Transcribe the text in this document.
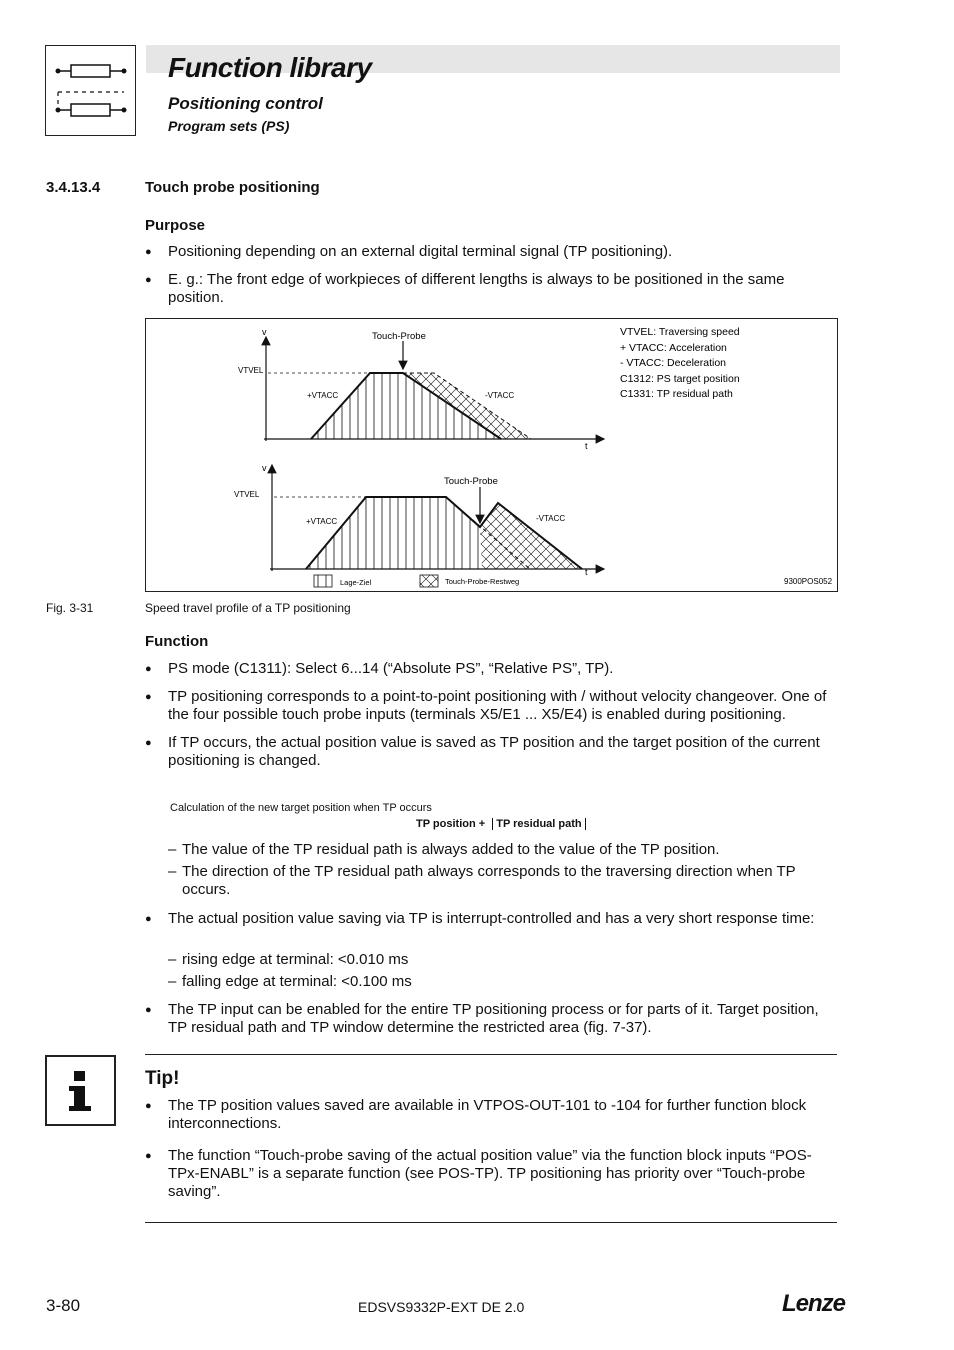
Function library
Positioning control
Program sets (PS)
3.4.13.4	Touch probe positioning
Purpose
● Positioning depending on an external digital terminal signal (TP positioning).
● E. g.: The front edge of workpieces of different lengths is always to be positioned in the same position.
v
VTVEL
Touch-Probe
+VTACC	-VTACC
t
v
VTVEL
Touch-Probe
+VTACC	-VTACC
t
VTVEL: Traversing speed
+ VTACC: Acceleration
- VTACC: Deceleration
C1312: PS target position
C1331: TP residual path
Lage-Ziel	Touch-Probe-Restweg	9300POS052
Fig. 3-31	Speed travel profile of a TP positioning
Function
● PS mode (C1311): Select 6...14 (“Absolute PS”, “Relative PS”, TP).
● TP positioning corresponds to a point-to-point positioning with / without velocity changeover. One of the four possible touch probe inputs (terminals X5/E1 ... X5/E4) is enabled during positioning.
● If TP occurs, the actual position value is saved as TP position and the target position of the current positioning is changed.
Calculation of the new target position when TP occurs
TP position + TP residual path
– The value of the TP residual path is always added to the value of the TP position.
– The direction of the TP residual path always corresponds to the traversing direction when TP occurs.
● The actual position value saving via TP is interrupt-controlled and has a very short response time:
– rising edge at terminal: <0.010 ms
– falling edge at terminal: <0.100 ms
● The TP input can be enabled for the entire TP positioning process or for parts of it. Target position, TP residual path and TP window determine the restricted area (fig. 7-37).
Tip!
● The TP position values saved are available in VTPOS-OUT-101 to -104 for further function block interconnections.
● The function “Touch-probe saving of the actual position value” via the function block inputs “POS-TPx-ENABL” is a separate function (see POS-TP). TP positioning has priority over “Touch-probe saving”.
3-80	EDSVS9332P-EXT DE 2.0	Lenze
